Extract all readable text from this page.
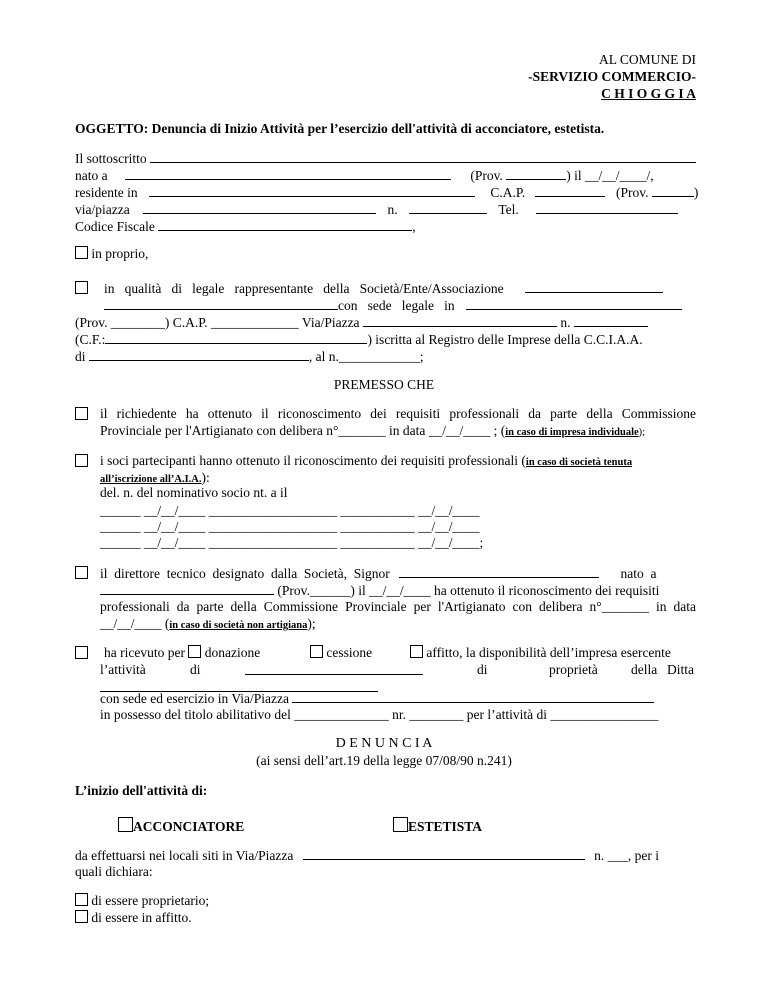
AL COMUNE DI
-SERVIZIO COMMERCIO-
C H I O G G I A
OGGETTO: Denuncia di Inizio Attività per l’esercizio dell'attività di acconciatore, estetista.
Il sottoscritto
nato a	(Prov.	) il __/__/____/,
residente in	C.A.P.	(Prov.	)
via/piazza	n.	Tel.
Codice Fiscale	,
in proprio,
in   qualità   di   legale   rappresentante   della   Società/Ente/Associazione
con   sede   legale   in
(Prov. ________) C.A.P. _____________ Via/Piazza	n.
(C.F.:	) iscritta al Registro delle Imprese della C.C.I.A.A.
di	, al n.____________;
PREMESSO CHE
il richiedente ha ottenuto il riconoscimento dei requisiti professionali da parte della Commissione
Provinciale per l'Artigianato con delibera n°_______ in data __/__/____ ; (in caso di impresa individuale);
i soci partecipanti hanno ottenuto il riconoscimento dei requisiti professionali (in caso di società tenuta
all’iscrizione all’A.I.A.):
del. n. del nominativo socio nt. a il
______ __/__/____ ___________________ ___________ __/__/____
______ __/__/____ ___________________ ___________ __/__/____
______ __/__/____ ___________________ ___________ __/__/____;
il  direttore  tecnico  designato  dalla  Società,  Signor	nato  a
(Prov.______) il __/__/____ ha ottenuto il riconoscimento dei requisiti
professionali da parte della Commissione Provinciale per l'Artigianato con delibera n°_______ in data
__/__/____ (in caso di società non artigiana);
ha ricevuto per donazione	cessione	affitto, la disponibilità dell’impresa esercente
l’attività	di	di	proprietà della Ditta
con sede ed esercizio in Via/Piazza
in possesso del titolo abilitativo del ______________ nr. ________ per l’attività di ________________
D E N U N C I A
(ai sensi dell’art.19 della legge 07/08/90 n.241)
L’inizio dell'attività di:
ACCONCIATORE	ESTETISTA
da effettuarsi nei locali siti in Via/Piazza	n. ___, per i
quali dichiara:
di essere proprietario;
di essere in affitto.
